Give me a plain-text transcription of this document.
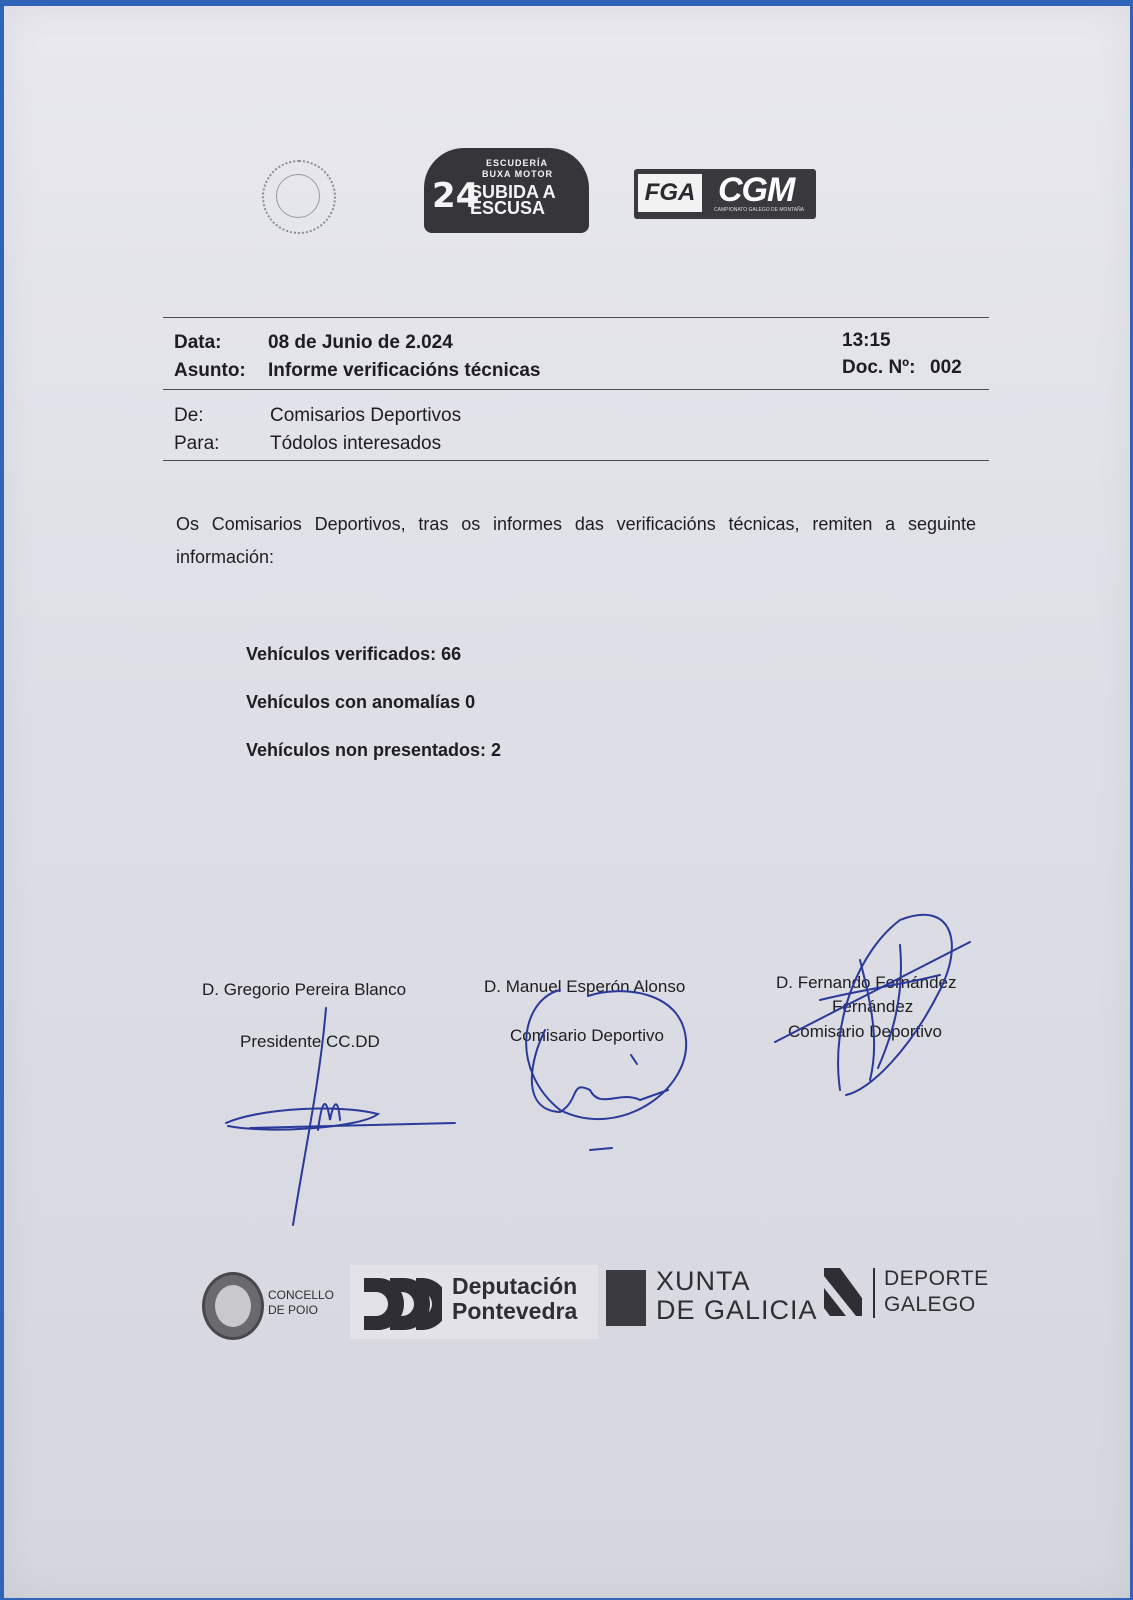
ESCUDERÍA
BUXA MOTOR
24
SUBIDA A
ESCUSA
FGA CGM
CAMPIONATO GALEGO DE MONTAÑA
Data: 08 de Junio de 2.024	13:15
Asunto: Informe verificacións técnicas	Doc. Nº: 002
De:	Comisarios Deportivos
Para:	Tódolos interesados
Os Comisarios Deportivos, tras os informes das verificacións técnicas, remiten a seguinte información:
Vehículos verificados: 66
Vehículos con anomalías 0
Vehículos non presentados: 2
D. Gregorio Pereira Blanco
Presidente CC.DD
D. Manuel Esperón Alonso
Comisario Deportivo
D. Fernando Fernández
Fernández
Comisario Deportivo
CONCELLO
DE POIO
Deputación
Pontevedra
XUNTA
DE GALICIA
DEPORTE
GALEGO
